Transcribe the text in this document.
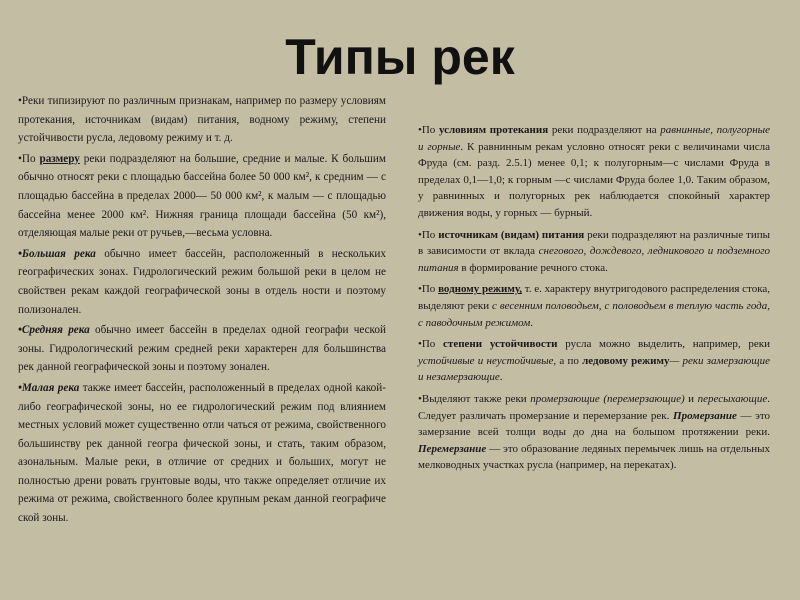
Типы рек

•Реки типизируют по различным признакам, например по размеру условиям протекания, источникам (видам) питания, водному режиму, степени устойчивости русла, ледовому режиму и т. д.

•По размеру реки подразделяют на большие, средние и малые. К большим обычно относят реки с площадью бассейна более 50 000 км², к средним — с площадью бассейна в пределах 2000— 50 000 км², к малым — с площадью бассейна менее 2000 км². Нижняя граница площади бассейна (50 км²), отделяющая малые реки от ручьев,—весьма условна.

•Большая река обычно имеет бассейн, расположенный в нескольких географических зонах. Гидрологический режим большой реки в целом не свойствен рекам каждой географической зоны в отдель ности и поэтому полизонален.

•Средняя река обычно имеет бассейн в пределах одной географи ческой зоны. Гидрологический режим средней реки характерен для большинства рек данной географической зоны и поэтому зонален.

•Малая река также имеет бассейн, расположенный в пределах одной какой-либо географической зоны, но ее гидрологический режим под влиянием местных условий может существенно отли чаться от режима, свойственного большинству рек данной геогра фической зоны, и стать, таким образом, азональным. Малые реки, в отличие от средних и больших, могут не полностью дрени ровать грунтовые воды, что также определяет отличие их режима от режима, свойственного более крупным рекам данной географиче ской зоны.

•По условиям протекания реки подразделяют на равнинные, полугорные и горные. К равнинным рекам условно относят реки с величинами числа Фруда (см. разд. 2.5.1) менее 0,1; к полугорным—с числами Фруда в пределах 0,1—1,0; к горным —с числами Фруда более 1,0. Таким образом, у равнинных и полугорных рек наблюдается спокойный характер движения воды, у горных — бурный.

•По источникам (видам) питания реки подразделяют на различные типы в зависимости от вклада снегового, дождевого, ледникового и подземного питания в формирование речного стока.

•По водному режиму, т. е. характеру внутригодового распределения стока, выделяют реки с весенним половодьем, с половодьем в теплую часть года, с паводочным режимом.

•По степени устойчивости русла можно выделить, например, реки устойчивые и неустойчивые, а по ледовому режиму— реки замерзающие и незамерзающие.

•Выделяют также реки промерзающие (перемерзающие) и пересыхающие. Следует различать промерзание и перемерзание рек. Промерзание — это замерзание всей толщи воды до дна на большом протяжении реки. Перемерзание — это образование ледяных перемычек лишь на отдельных мелководных участках русла (например, на перекатах).
